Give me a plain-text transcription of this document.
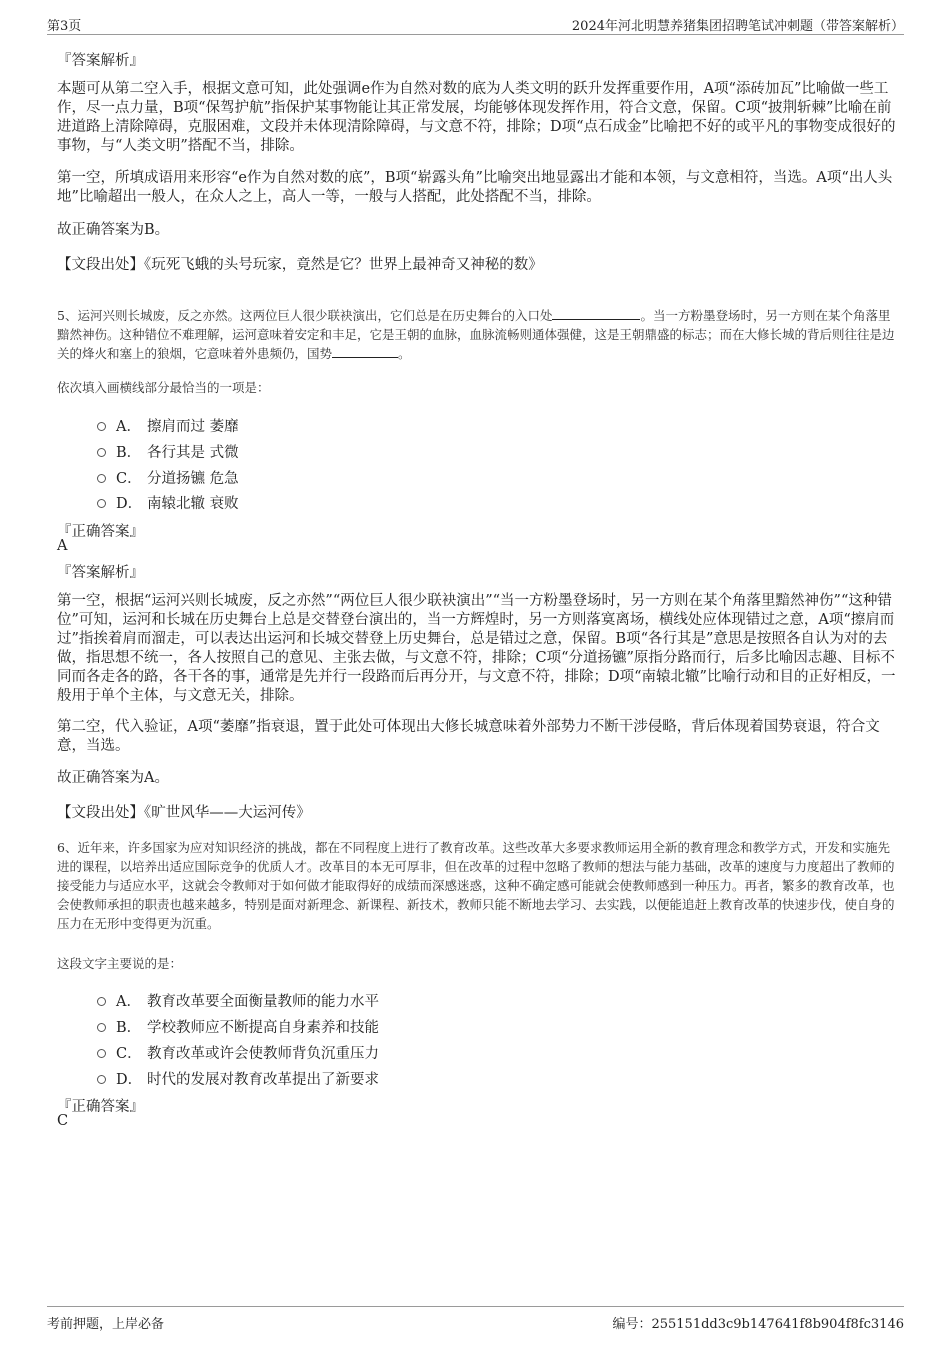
第3页	2024年河北明慧养猪集团招聘笔试冲刺题（带答案解析）
『答案解析』
本题可从第二空入手，根据文意可知，此处强调e作为自然对数的底为人类文明的跃升发挥重要作用，A项“添砖加瓦”比喻做一些工作，尽一点力量，B项“保驾护航”指保护某事物能让其正常发展，均能够体现发挥作用，符合文意，保留。C项“披荆斩棘”比喻在前进道路上清除障碍，克服困难，文段并未体现清除障碍，与文意不符，排除；D项“点石成金”比喻把不好的或平凡的事物变成很好的事物，与“人类文明”搭配不当，排除。
第一空，所填成语用来形容“e作为自然对数的底”，B项“崭露头角”比喻突出地显露出才能和本领，与文意相符，当选。A项“出人头地”比喻超出一般人，在众人之上，高人一等，一般与人搭配，此处搭配不当，排除。
故正确答案为B。
【文段出处】《玩死飞蛾的头号玩家，竟然是它？世界上最神奇又神秘的数》
5、运河兴则长城废，反之亦然。这两位巨人很少联袂演出，它们总是在历史舞台的入口处	。当一方粉墨登场时，另一方则在某个角落里黯然神伤。这种错位不难理解，运河意味着安定和丰足，它是王朝的血脉，血脉流畅则通体强健，这是王朝鼎盛的标志；而在大修长城的背后则往往是边关的烽火和塞上的狼烟，它意味着外患频仍，国势	。
依次填入画横线部分最恰当的一项是：
A． 擦肩而过 萎靡
B． 各行其是 式微
C． 分道扬镳 危急
D． 南辕北辙 衰败
『正确答案』
A
『答案解析』
第一空，根据“运河兴则长城废，反之亦然”“两位巨人很少联袂演出”“当一方粉墨登场时，另一方则在某个角落里黯然神伤”“这种错位”可知，运河和长城在历史舞台上总是交替登台演出的，当一方辉煌时，另一方则落寞离场，横线处应体现错过之意，A项“擦肩而过”指挨着肩而溜走，可以表达出运河和长城交替登上历史舞台，总是错过之意，保留。B项“各行其是”意思是按照各自认为对的去做，指思想不统一，各人按照自己的意见、主张去做，与文意不符，排除；C项“分道扬镳”原指分路而行，后多比喻因志趣、目标不同而各走各的路，各干各的事，通常是先并行一段路而后再分开，与文意不符，排除；D项“南辕北辙”比喻行动和目的正好相反，一般用于单个主体，与文意无关，排除。
第二空，代入验证，A项“萎靡”指衰退，置于此处可体现出大修长城意味着外部势力不断干涉侵略，背后体现着国势衰退，符合文意，当选。
故正确答案为A。
【文段出处】《旷世风华——大运河传》
6、近年来，许多国家为应对知识经济的挑战，都在不同程度上进行了教育改革。这些改革大多要求教师运用全新的教育理念和教学方式，开发和实施先进的课程，以培养出适应国际竞争的优质人才。改革目的本无可厚非，但在改革的过程中忽略了教师的想法与能力基础，改革的速度与力度超出了教师的接受能力与适应水平，这就会令教师对于如何做才能取得好的成绩而深感迷惑，这种不确定感可能就会使教师感到一种压力。再者，繁多的教育改革，也会使教师承担的职责也越来越多，特别是面对新理念、新课程、新技术，教师只能不断地去学习、去实践，以便能追赶上教育改革的快速步伐，使自身的压力在无形中变得更为沉重。
这段文字主要说的是：
A． 教育改革要全面衡量教师的能力水平
B． 学校教师应不断提高自身素养和技能
C． 教育改革或许会使教师背负沉重压力
D． 时代的发展对教育改革提出了新要求
『正确答案』
C
考前押题，上岸必备	编号：255151dd3c9b147641f8b904f8fc3146
